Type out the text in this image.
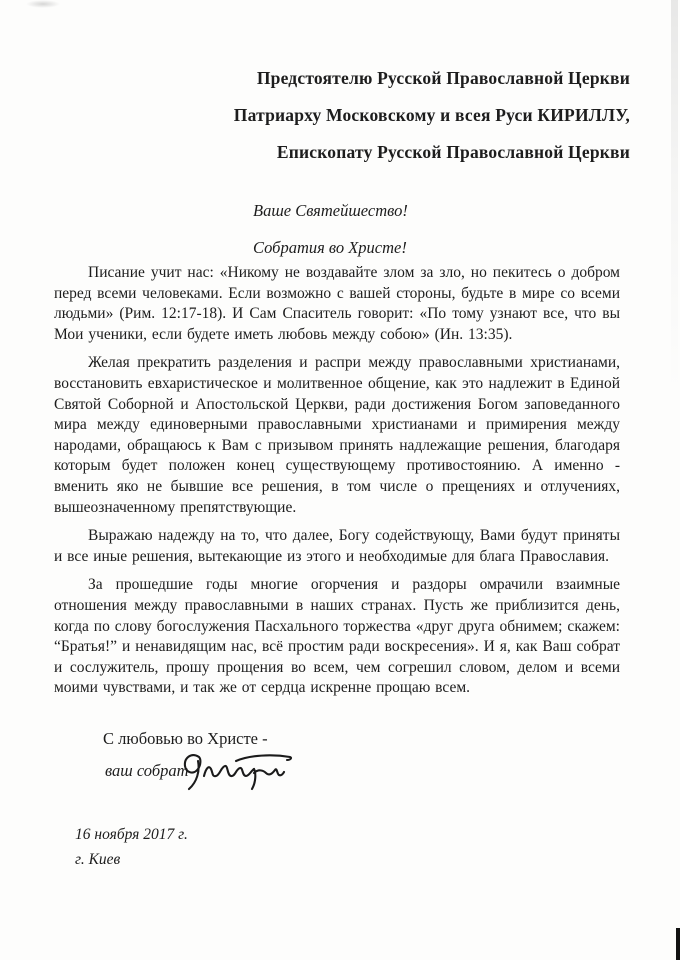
Предстоятелю Русской Православной Церкви
Патриарху Московскому и всея Руси КИРИЛЛУ,
Епископату Русской Православной Церкви
Ваше Святейшество!
Собратия во Христе!

Писание учит нас: «Никому не воздавайте злом за зло, но пекитесь о добром перед всеми человеками. Если возможно с вашей стороны, будьте в мире со всеми людьми» (Рим. 12:17-18). И Сам Спаситель говорит: «По тому узнают все, что вы Мои ученики, если будете иметь любовь между собою» (Ин. 13:35).

Желая прекратить разделения и распри между православными христианами, восстановить евхаристическое и молитвенное общение, как это надлежит в Единой Святой Соборной и Апостольской Церкви, ради достижения Богом заповеданного мира между единоверными православными христианами и примирения между народами, обращаюсь к Вам с призывом принять надлежащие решения, благодаря которым будет положен конец существующему противостоянию. А именно - вменить яко не бывшие все решения, в том числе о прещениях и отлучениях, вышеозначенному препятствующие.

Выражаю надежду на то, что далее, Богу содействующу, Вами будут приняты и все иные решения, вытекающие из этого и необходимые для блага Православия.

За прошедшие годы многие огорчения и раздоры омрачили взаимные отношения между православными в наших странах. Пусть же приблизится день, когда по слову богослужения Пасхального торжества «друг друга обнимем; скажем: “Братья!” и ненавидящим нас, всё простим ради воскресения». И я, как Ваш собрат и сослужитель, прошу прощения во всем, чем согрешил словом, делом и всеми моими чувствами, и так же от сердца искренне прощаю всем.

С любовью во Христе -
ваш собрат
16 ноября 2017 г.
г. Киев
